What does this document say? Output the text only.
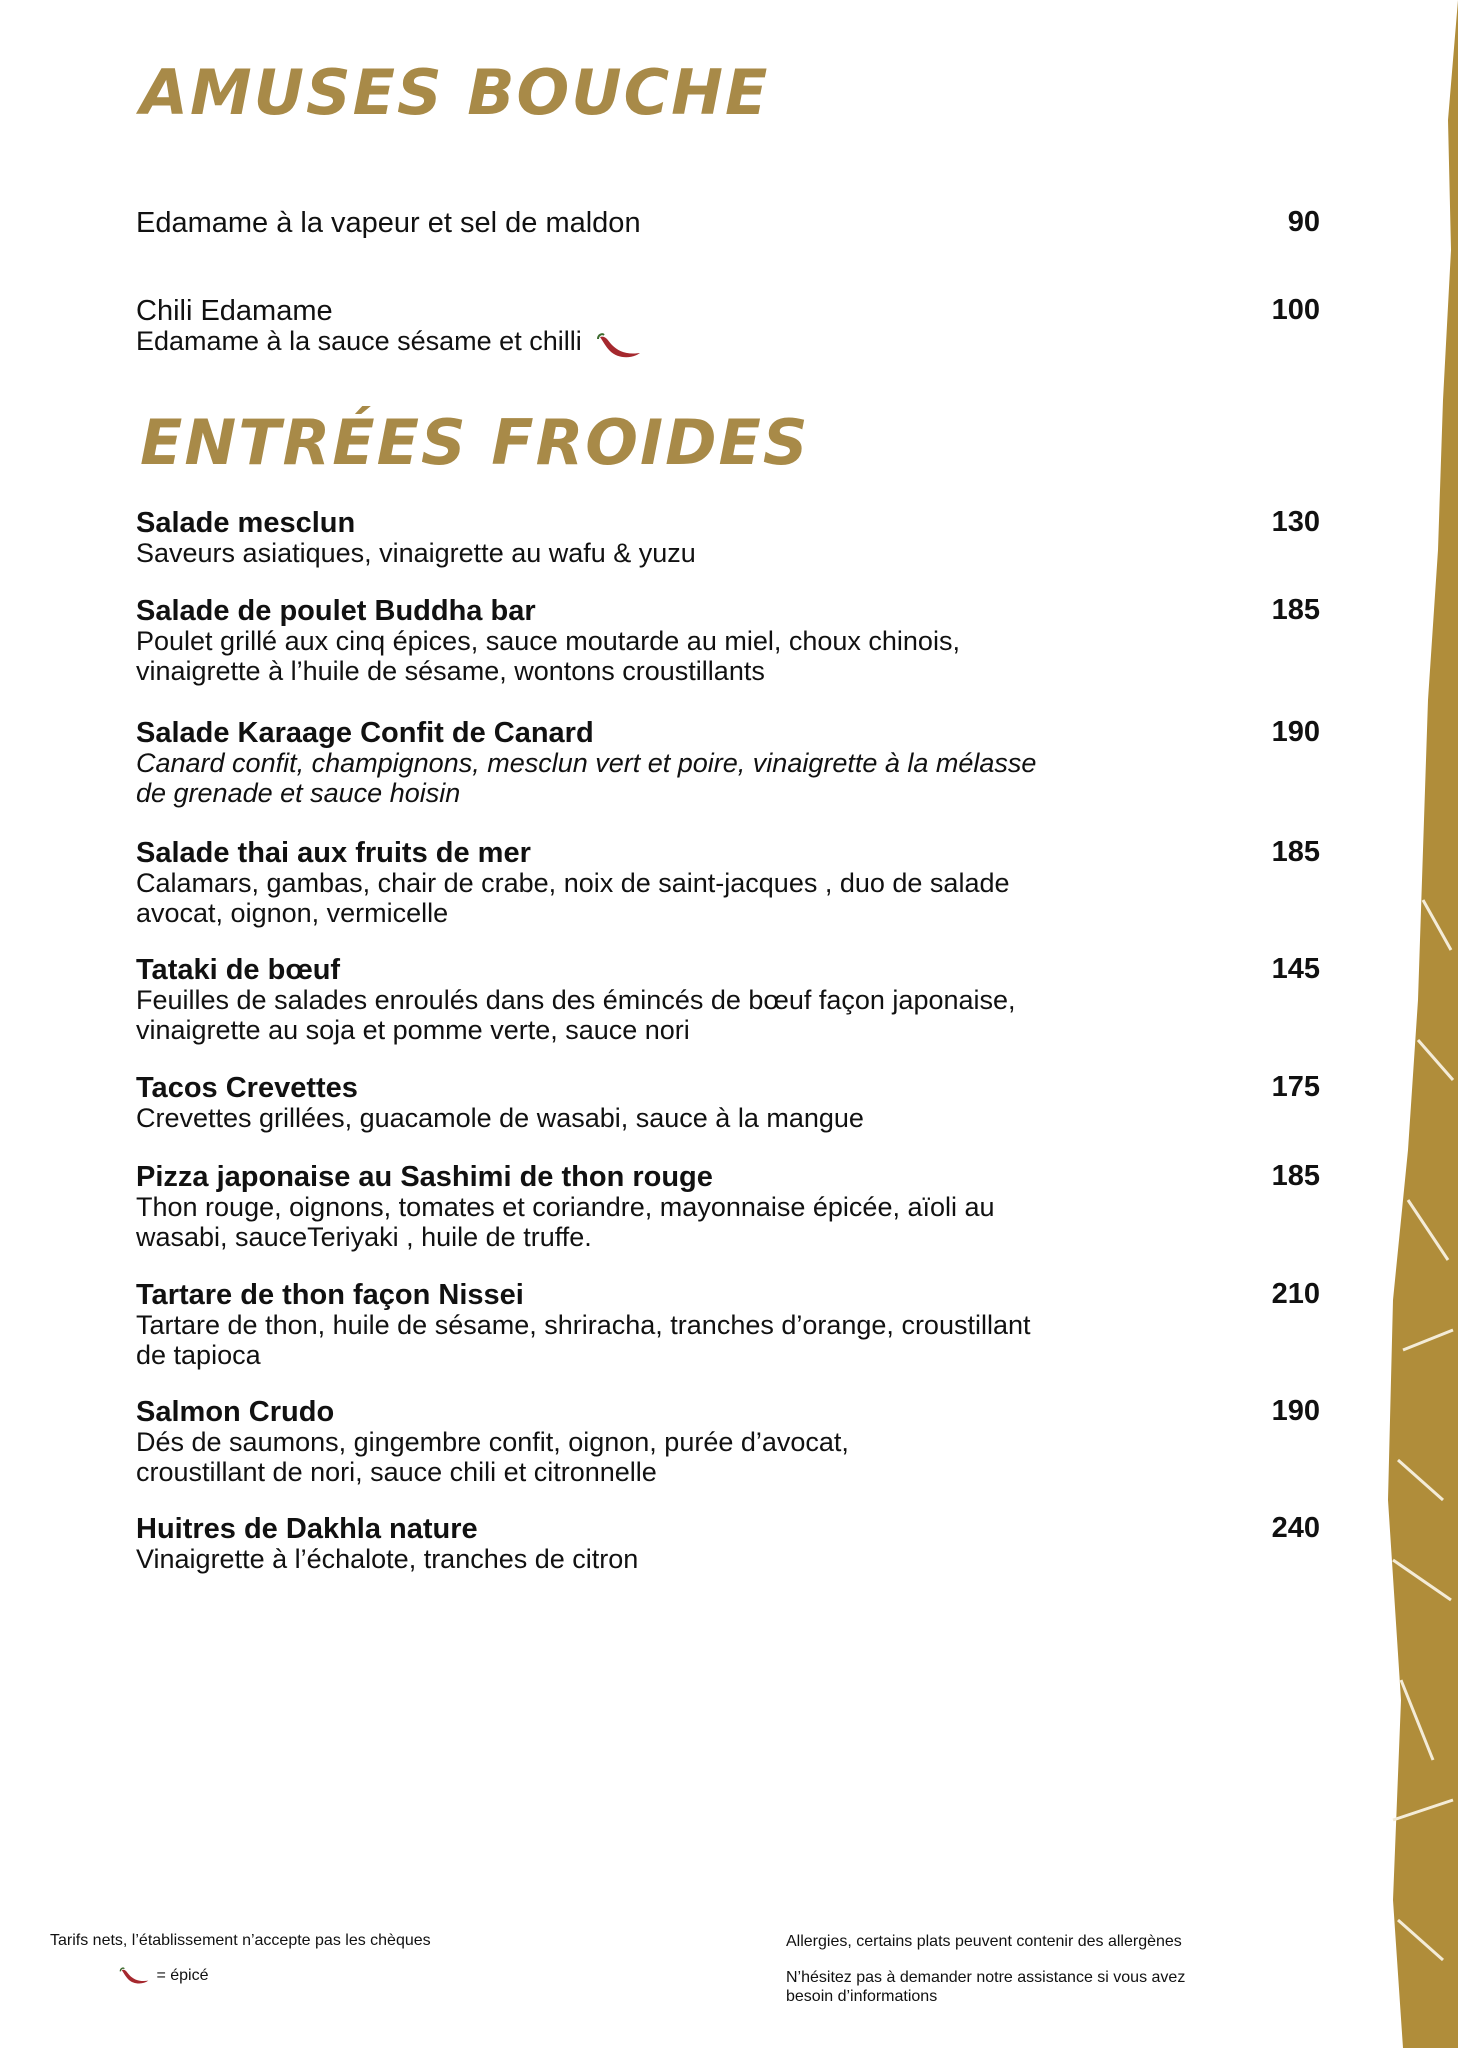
AMUSES BOUCHE
Edamame à la vapeur et sel de maldon	90
Chili Edamame	100
Edamame à la sauce sésame et chilli
ENTRÉES FROIDES
Salade mesclun	130
Saveurs asiatiques, vinaigrette au wafu & yuzu
Salade de poulet Buddha bar	185
Poulet grillé aux cinq épices, sauce moutarde au miel, choux chinois,
vinaigrette à l’huile de sésame, wontons croustillants
Salade Karaage Confit de Canard	190
Canard confit, champignons, mesclun vert et poire, vinaigrette à la mélasse
de grenade et sauce hoisin
Salade thai aux fruits de mer	185
Calamars, gambas, chair de crabe, noix de saint-jacques , duo de salade
avocat, oignon, vermicelle
Tataki de bœuf	145
Feuilles de salades enroulés dans des émincés de bœuf façon japonaise,
vinaigrette au soja et pomme verte, sauce nori
Tacos Crevettes	175
Crevettes grillées, guacamole de wasabi, sauce à la mangue
Pizza japonaise au Sashimi de thon rouge	185
Thon rouge, oignons, tomates et coriandre, mayonnaise épicée, aïoli au
wasabi, sauceTeriyaki , huile de truffe.
Tartare de thon façon Nissei	210
Tartare de thon, huile de sésame, shriracha, tranches d’orange, croustillant
de tapioca
Salmon Crudo	190
Dés de saumons, gingembre confit, oignon, purée d’avocat,
croustillant de nori, sauce chili et citronnelle
Huitres de Dakhla nature	240
Vinaigrette à l’échalote, tranches de citron
Tarifs nets, l’établissement n’accepte pas les chèques
= épicé
Allergies, certains plats peuvent contenir des allergènes
N’hésitez pas à demander notre assistance si vous avez
besoin d’informations
